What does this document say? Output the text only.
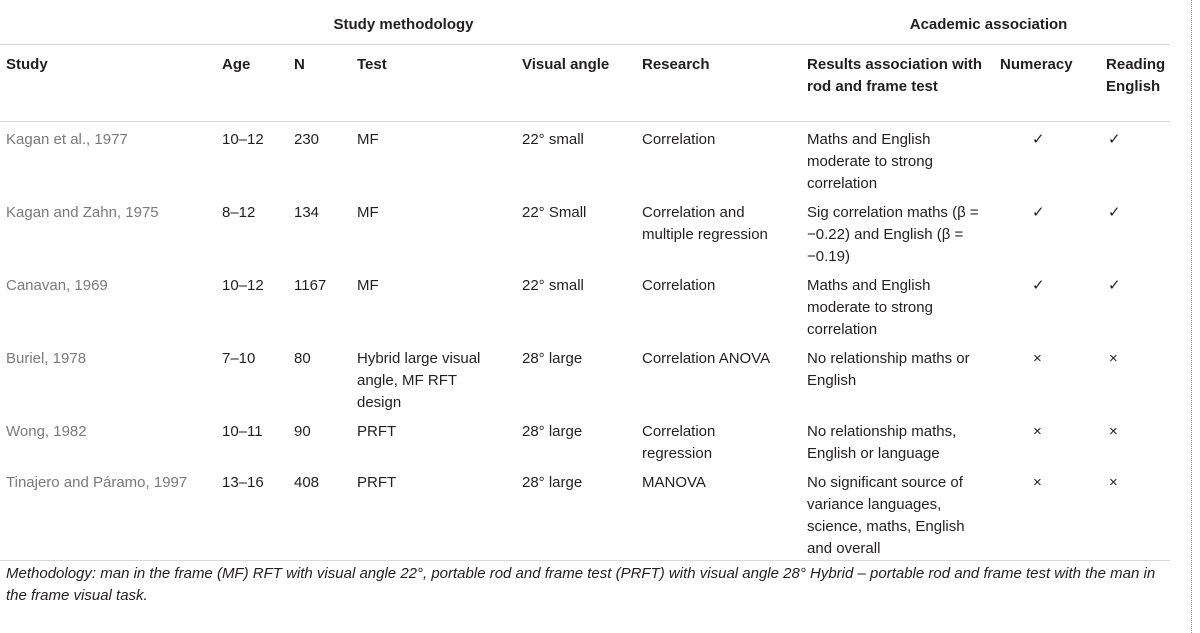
Study methodology						Academic association		
Study	Age	N	Test	Visual angle	Research	Results association with rod and frame test	Numeracy	Reading English
Kagan et al., 1977	10–12	230	MF	22° small	Correlation	Maths and English moderate to strong correlation	✓	✓
Kagan and Zahn, 1975	8–12	134	MF	22° Small	Correlation and multiple regression	Sig correlation maths (β = −0.22) and English (β = −0.19)	✓	✓
Canavan, 1969	10–12	1167	MF	22° small	Correlation	Maths and English moderate to strong correlation	✓	✓
Buriel, 1978	7–10	80	Hybrid large visual angle, MF RFT design	28° large	Correlation ANOVA	No relationship maths or English	×	×
Wong, 1982	10–11	90	PRFT	28° large	Correlation regression	No relationship maths, English or language	×	×
Tinajero and Páramo, 1997	13–16	408	PRFT	28° large	MANOVA	No significant source of variance languages, science, maths, English and overall	×	×
Methodology: man in the frame (MF) RFT with visual angle 22°, portable rod and frame test (PRFT) with visual angle 28° Hybrid – portable rod and frame test with the man in the frame visual task.
